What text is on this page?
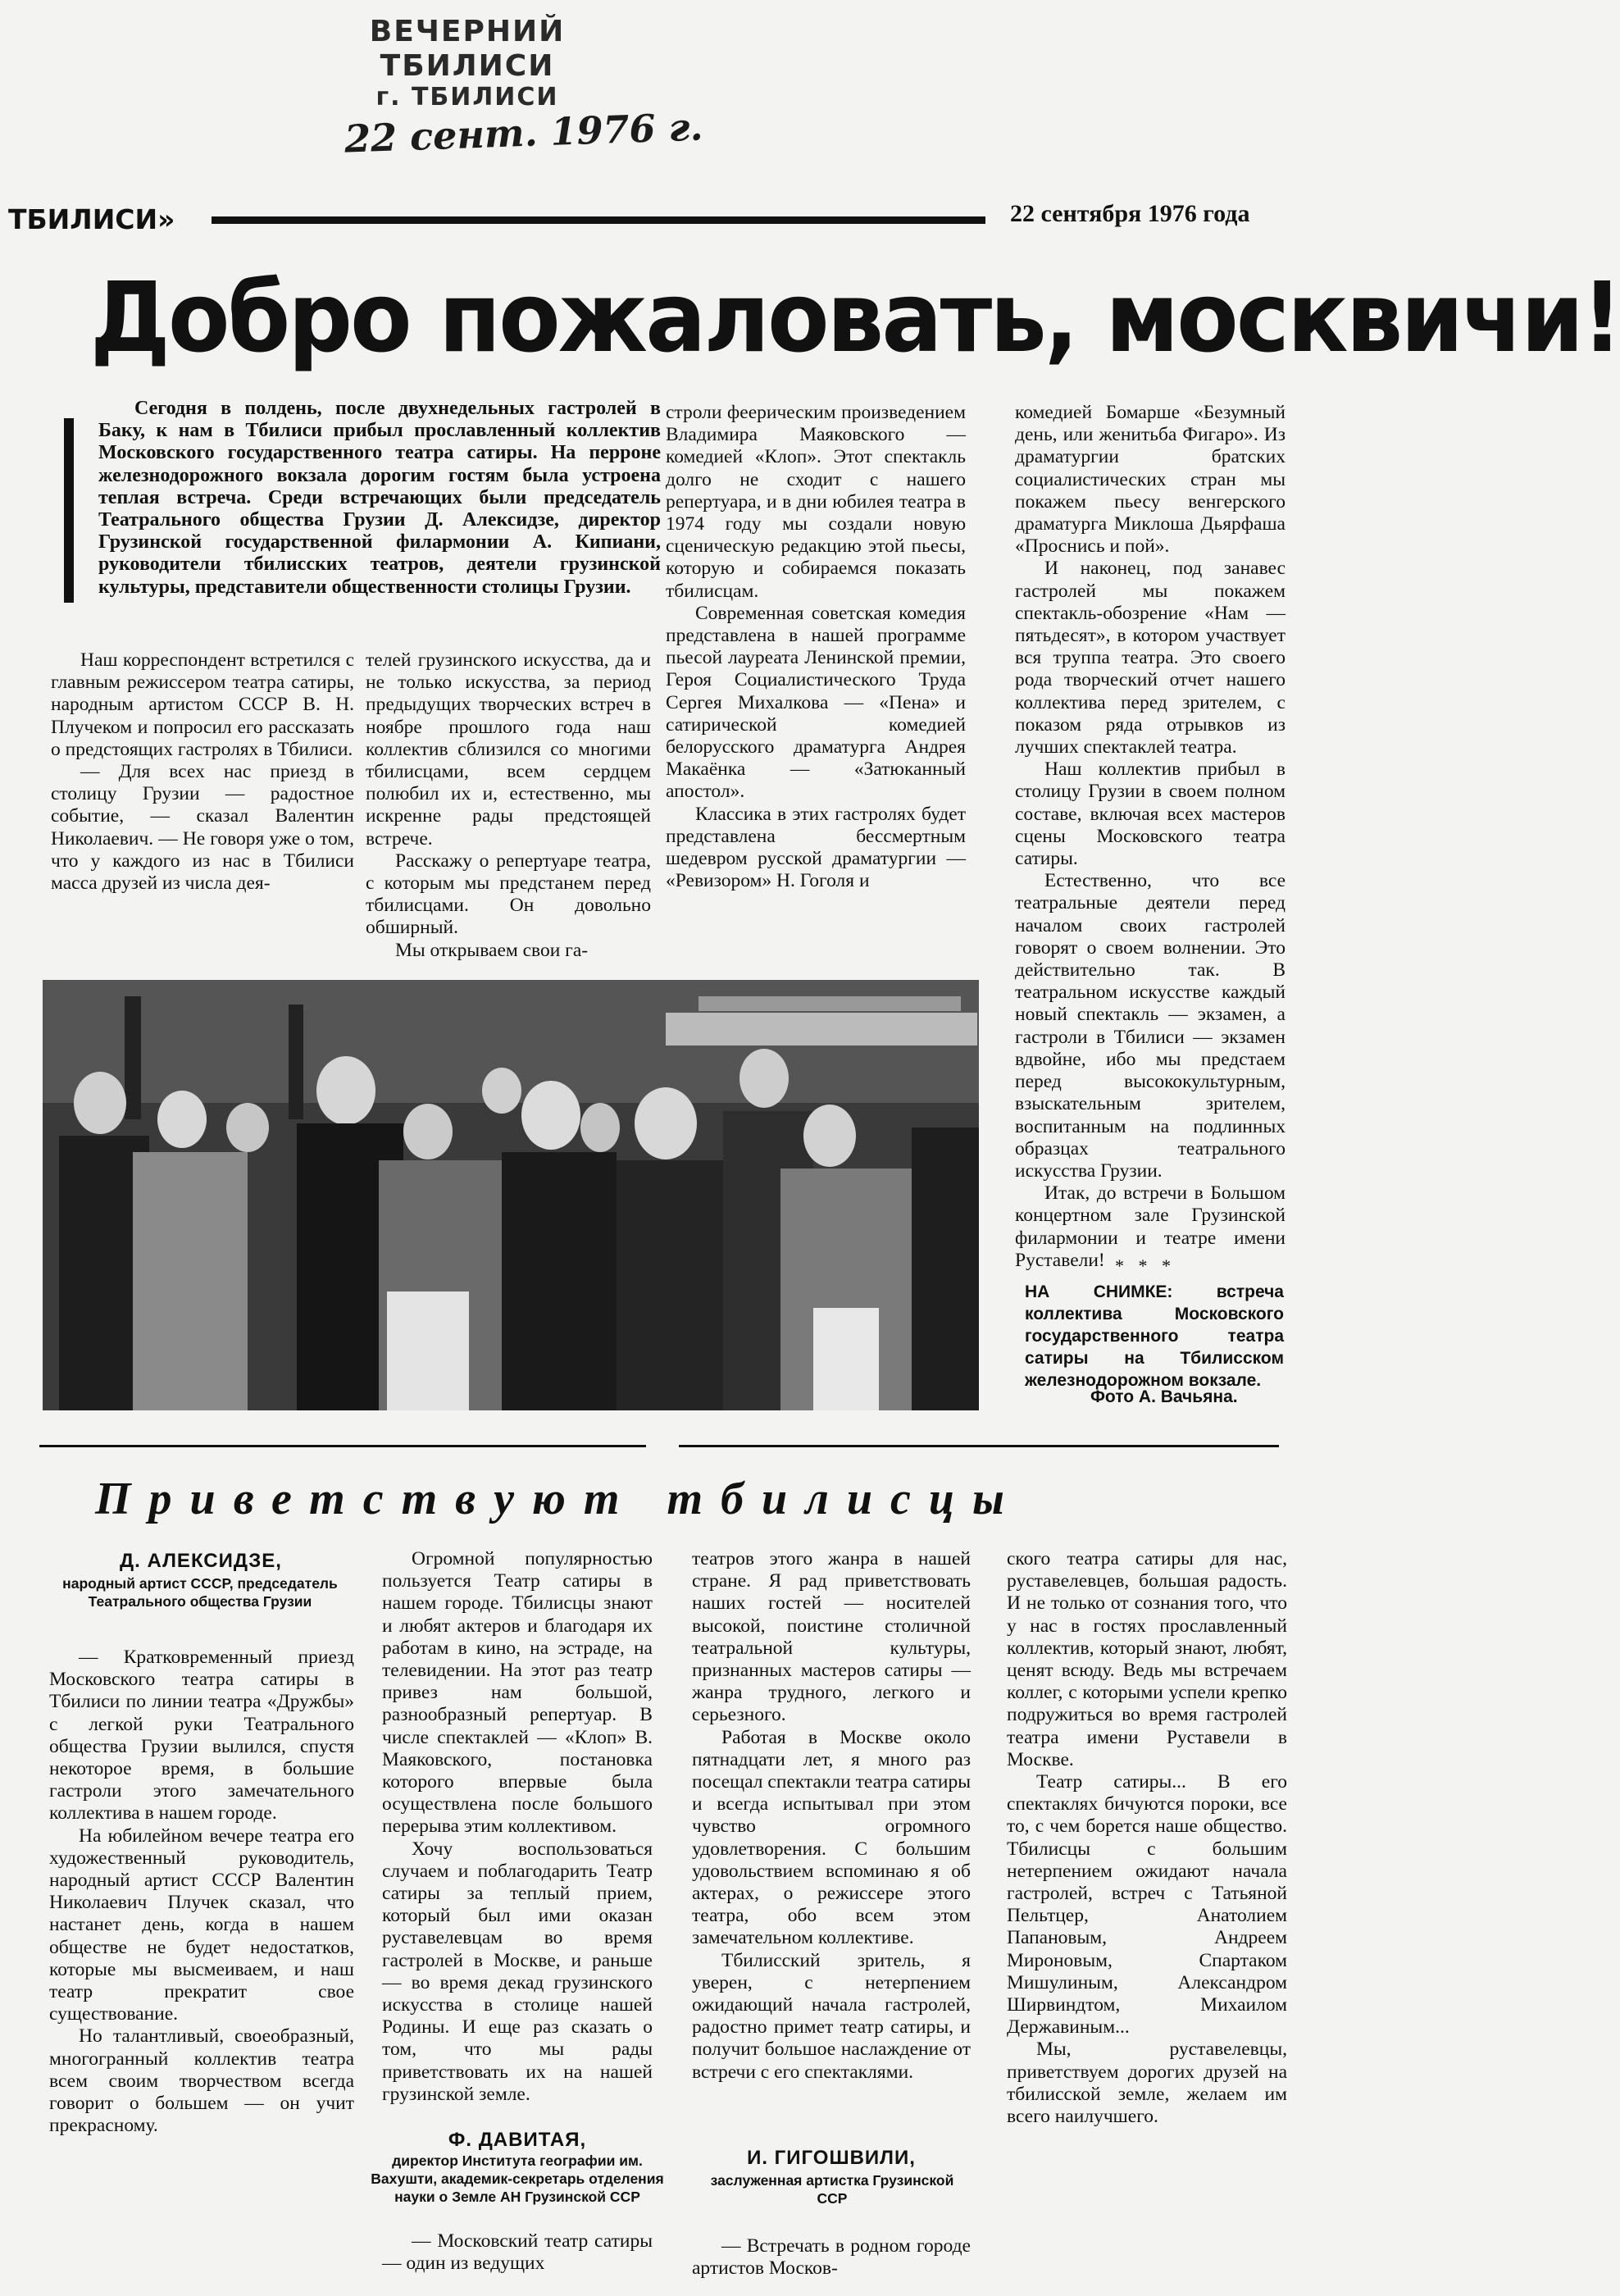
ВЕЧЕРНИЙ ТБИЛИСИ
г. ТБИЛИСИ
22 сент. 1976 г.
ТБИЛИСИ»	22 сентября 1976 года
Добро пожаловать, москвичи!

Сегодня в полдень, после двухнедельных гастролей в Баку, к нам в Тбилиси прибыл прославленный коллектив Московского государственного театра сатиры. На перроне железнодорожного вокзала дорогим гостям была устроена теплая встреча. Среди встречающих были председатель Театрального общества Грузии Д. Алексидзе, директор Грузинской государственной филармонии А. Кипиани, руководители тбилисских театров, деятели грузинской культуры, представители общественности столицы Грузии.

Наш корреспондент встретился с главным режиссером театра сатиры, народным артистом СССР В. Н. Плучеком и попросил его рассказать о предстоящих гастролях в Тбилиси.

— Для всех нас приезд в столицу Грузии — радостное событие, — сказал Валентин Николаевич. — Не говоря уже о том, что у каждого из нас в Тбилиси масса друзей из числа дея-

телей грузинского искусства, да и не только искусства, за период предыдущих творческих встреч в ноябре прошлого года наш коллектив сблизился со многими тбилисцами, всем сердцем полюбил их и, естественно, мы искренне рады предстоящей встрече.

Расскажу о репертуаре театра, с которым мы предстанем перед тбилисцами. Он довольно обширный.

Мы открываем свои га-

строли феерическим произведением Владимира Маяковского — комедией «Клоп». Этот спектакль долго не сходит с нашего репертуара, и в дни юбилея театра в 1974 году мы создали новую сценическую редакцию этой пьесы, которую и собираемся показать тбилисцам.

Современная советская комедия представлена в нашей программе пьесой лауреата Ленинской премии, Героя Социалистического Труда Сергея Михалкова — «Пена» и сатирической комедией белорусского драматурга Андрея Макаёнка — «Затюканный апостол».

Классика в этих гастролях будет представлена бессмертным шедевром русской драматургии — «Ревизором» Н. Гоголя и

комедией Бомарше «Безумный день, или женитьба Фигаро». Из драматургии братских социалистических стран мы покажем пьесу венгерского драматурга Миклоша Дьярфаша «Проснись и пой».

И наконец, под занавес гастролей мы покажем спектакль-обозрение «Нам — пятьдесят», в котором участвует вся труппа театра. Это своего рода творческий отчет нашего коллектива перед зрителем, с показом ряда отрывков из лучших спектаклей театра.

Наш коллектив прибыл в столицу Грузии в своем полном составе, включая всех мастеров сцены Московского театра сатиры.

Естественно, что все театральные деятели перед началом своих гастролей говорят о своем волнении. Это действительно так. В театральном искусстве каждый новый спектакль — экзамен, а гастроли в Тбилиси — экзамен вдвойне, ибо мы предстаем перед высококультурным, взыскательным зрителем, воспитанным на подлинных образцах театрального искусства Грузии.

Итак, до встречи в Большом концертном зале Грузинской филармонии и театре имени Руставели! * * *
НА СНИМКЕ: встреча коллектива Московского государственного театра сатиры на Тбилисском железнодорожном вокзале.
Фото А. Вачьяна.
Приветствуют тбилисцы
Д. АЛЕКСИДЗЕ,
народный артист СССР, председатель Театрального общества Грузии

— Кратковременный приезд Московского театра сатиры в Тбилиси по линии театра «Дружбы» с легкой руки Театрального общества Грузии вылился, спустя некоторое время, в большие гастроли этого замечательного коллектива в нашем городе.

На юбилейном вечере театра его художественный руководитель, народный артист СССР Валентин Николаевич Плучек сказал, что настанет день, когда в нашем обществе не будет недостатков, которые мы высмеиваем, и наш театр прекратит свое существование.

Но талантливый, своеобразный, многогранный коллектив театра всем своим творчеством всегда говорит о большем — он учит прекрасному.

Огромной популярностью пользуется Театр сатиры в нашем городе. Тбилисцы знают и любят актеров и благодаря их работам в кино, на эстраде, на телевидении. На этот раз театр привез нам большой, разнообразный репертуар. В числе спектаклей — «Клоп» В. Маяковского, постановка которого впервые была осуществлена после большого перерыва этим коллективом.

Хочу воспользоваться случаем и поблагодарить Театр сатиры за теплый прием, который был ими оказан руставелевцам во время гастролей в Москве, и раньше — во время декад грузинского искусства в столице нашей Родины. И еще раз сказать о том, что мы рады приветствовать их на нашей грузинской земле.

Ф. ДАВИТАЯ,
директор Института географии им. Вахушти, академик-секретарь отделения науки о Земле АН Грузинской ССР

— Московский театр сатиры — один из ведущих

театров этого жанра в нашей стране. Я рад приветствовать наших гостей — носителей высокой, поистине столичной театральной культуры, признанных мастеров сатиры — жанра трудного, легкого и серьезного.

Работая в Москве около пятнадцати лет, я много раз посещал спектакли театра сатиры и всегда испытывал при этом чувство огромного удовлетворения. С большим удовольствием вспоминаю я об актерах, о режиссере этого театра, обо всем этом замечательном коллективе.

Тбилисский зритель, я уверен, с нетерпением ожидающий начала гастролей, радостно примет театр сатиры, и получит большое наслаждение от встречи с его спектаклями.

И. ГИГОШВИЛИ,
заслуженная артистка Грузинской ССР

— Встречать в родном городе артистов Москов-

ского театра сатиры для нас, руставелевцев, большая радость. И не только от сознания того, что у нас в гостях прославленный коллектив, который знают, любят, ценят всюду. Ведь мы встречаем коллег, с которыми успели крепко подружиться во время гастролей театра имени Руставели в Москве.

Театр сатиры... В его спектаклях бичуются пороки, все то, с чем борется наше общество. Тбилисцы с большим нетерпением ожидают начала гастролей, встреч с Татьяной Пельтцер, Анатолием Папановым, Андреем Мироновым, Спартаком Мишулиным, Александром Ширвиндтом, Михаилом Державиным...

Мы, руставелевцы, приветствуем дорогих друзей на тбилисской земле, желаем им всего наилучшего.
